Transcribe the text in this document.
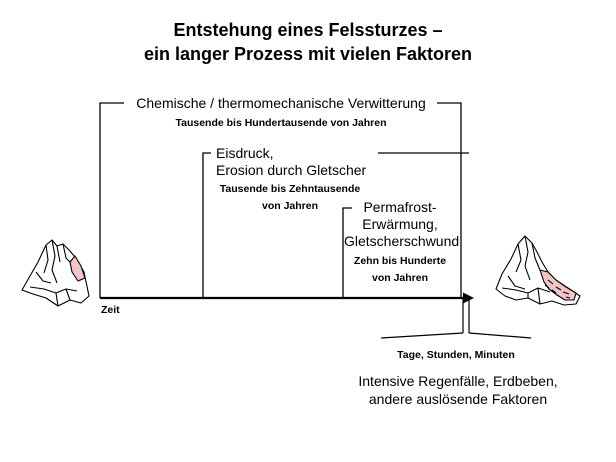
Entstehung eines Felssturzes –
ein langer Prozess mit vielen Faktoren
Chemische / thermomechanische Verwitterung
Tausende bis Hundertausende von Jahren
Eisdruck,
Erosion durch Gletscher
Tausende bis Zehntausende
von Jahren	Permafrost-
Erwärmung,
Gletscherschwund
Zehn bis Hunderte
von Jahren
Zeit
Tage, Stunden, Minuten
Intensive Regenfälle, Erdbeben,
andere auslösende Faktoren
